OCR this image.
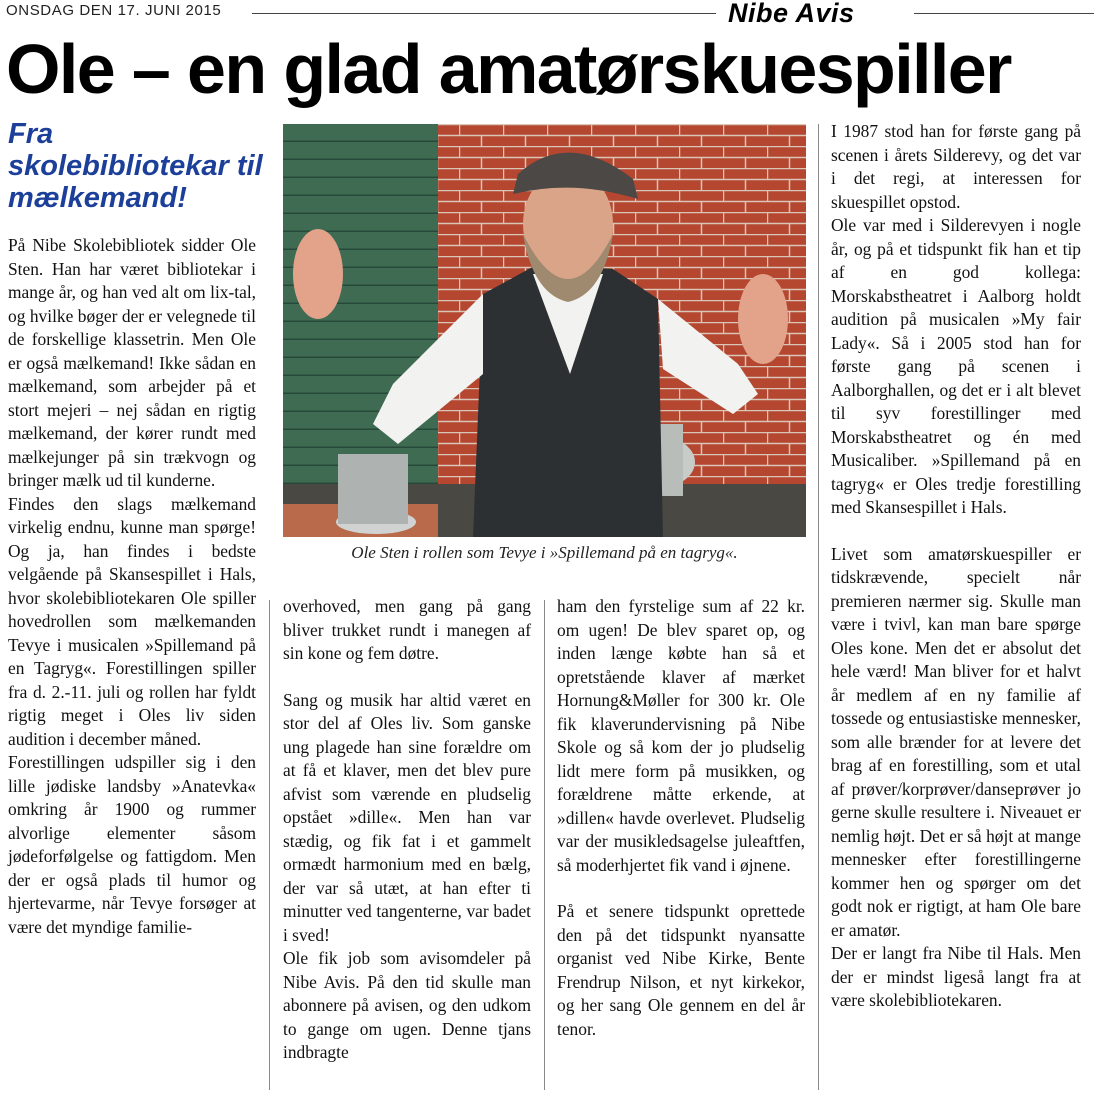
ONSDAG DEN 17. JUNI 2015	Nibe Avis
Ole – en glad amatørskuespiller
Fra skolebibliotekar til mælkemand!

På Nibe Skolebibliotek sidder Ole Sten. Han har været bibliotekar i mange år, og han ved alt om lix-tal, og hvilke bøger der er velegnede til de forskellige klassetrin. Men Ole er også mælkemand! Ikke sådan en mælkemand, som arbejder på et stort mejeri – nej sådan en rigtig mælkemand, der kører rundt med mælkejunger på sin trækvogn og bringer mælk ud til kunderne.

Findes den slags mælkemand virkelig endnu, kunne man spørge! Og ja, han findes i bedste velgående på Skansespillet i Hals, hvor skolebibliotekaren Ole spiller hovedrollen som mælkemanden Tevye i musicalen »Spillemand på en Tagryg«. Forestillingen spiller fra d. 2.-11. juli og rollen har fyldt rigtig meget i Oles liv siden audition i december måned.

Forestillingen udspiller sig i den lille jødiske landsby »Anatevka« omkring år 1900 og rummer alvorlige elementer såsom jødeforfølgelse og fattigdom. Men der er også plads til humor og hjertevarme, når Tevye forsøger at være det myndige familie-

Ole Sten i rollen som Tevye i »Spillemand på en tagryg«.

overhoved, men gang på gang bliver trukket rundt i manegen af sin kone og fem døtre.

Sang og musik har altid været en stor del af Oles liv. Som ganske ung plagede han sine forældre om at få et klaver, men det blev pure afvist som værende en pludselig opstået »dille«. Men han var stædig, og fik fat i et gammelt ormædt harmonium med en bælg, der var så utæt, at han efter ti minutter ved tangenterne, var badet i sved!

Ole fik job som avisomdeler på Nibe Avis. På den tid skulle man abonnere på avisen, og den udkom to gange om ugen. Denne tjans indbragte

ham den fyrstelige sum af 22 kr. om ugen! De blev sparet op, og inden længe købte han så et opretstående klaver af mærket Hornung&Møller for 300 kr. Ole fik klaverundervisning på Nibe Skole og så kom der jo pludselig lidt mere form på musikken, og forældrene måtte erkende, at »dillen« havde overlevet. Pludselig var der musikledsagelse juleaftfen, så moderhjertet fik vand i øjnene.

På et senere tidspunkt oprettede den på det tidspunkt nyansatte organist ved Nibe Kirke, Bente Frendrup Nilson, et nyt kirkekor, og her sang Ole gennem en del år tenor.

I 1987 stod han for første gang på scenen i årets Silderevy, og det var i det regi, at interessen for skuespillet opstod.

Ole var med i Silderevyen i nogle år, og på et tidspunkt fik han et tip af en god kollega: Morskabstheatret i Aalborg holdt audition på musicalen »My fair Lady«. Så i 2005 stod han for første gang på scenen i Aalborghallen, og det er i alt blevet til syv forestillinger med Morskabstheatret og én med Musicaliber. »Spillemand på en tagryg« er Oles tredje forestilling med Skansespillet i Hals.

Livet som amatørskuespiller er tidskrævende, specielt når premieren nærmer sig. Skulle man være i tvivl, kan man bare spørge Oles kone. Men det er absolut det hele værd! Man bliver for et halvt år medlem af en ny familie af tossede og entusiastiske mennesker, som alle brænder for at levere det brag af en forestilling, som et utal af prøver/korprøver/danseprøver jo gerne skulle resultere i. Niveauet er nemlig højt. Det er så højt at mange mennesker efter forestillingerne kommer hen og spørger om det godt nok er rigtigt, at ham Ole bare er amatør.

Der er langt fra Nibe til Hals. Men der er mindst ligeså langt fra at være skolebibliotekaren.
